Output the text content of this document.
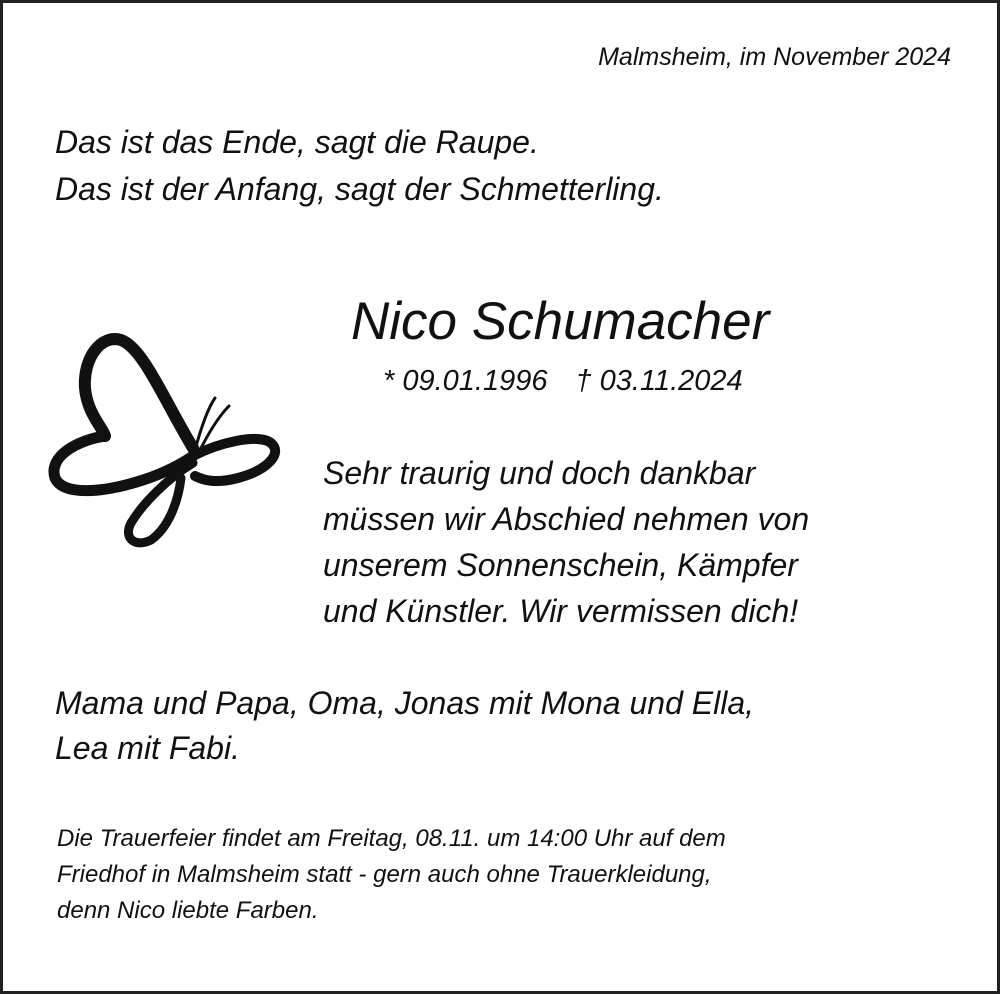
Malmsheim, im November 2024
Das ist das Ende, sagt die Raupe.
Das ist der Anfang, sagt der Schmetterling.
Nico Schumacher
* 09.01.1996 † 03.11.2024
Sehr traurig und doch dankbar
müssen wir Abschied nehmen von
unserem Sonnenschein, Kämpfer
und Künstler. Wir vermissen dich!
Mama und Papa, Oma, Jonas mit Mona und Ella,
Lea mit Fabi.
Die Trauerfeier findet am Freitag, 08.11. um 14:00 Uhr auf dem
Friedhof in Malmsheim statt - gern auch ohne Trauerkleidung,
denn Nico liebte Farben.
